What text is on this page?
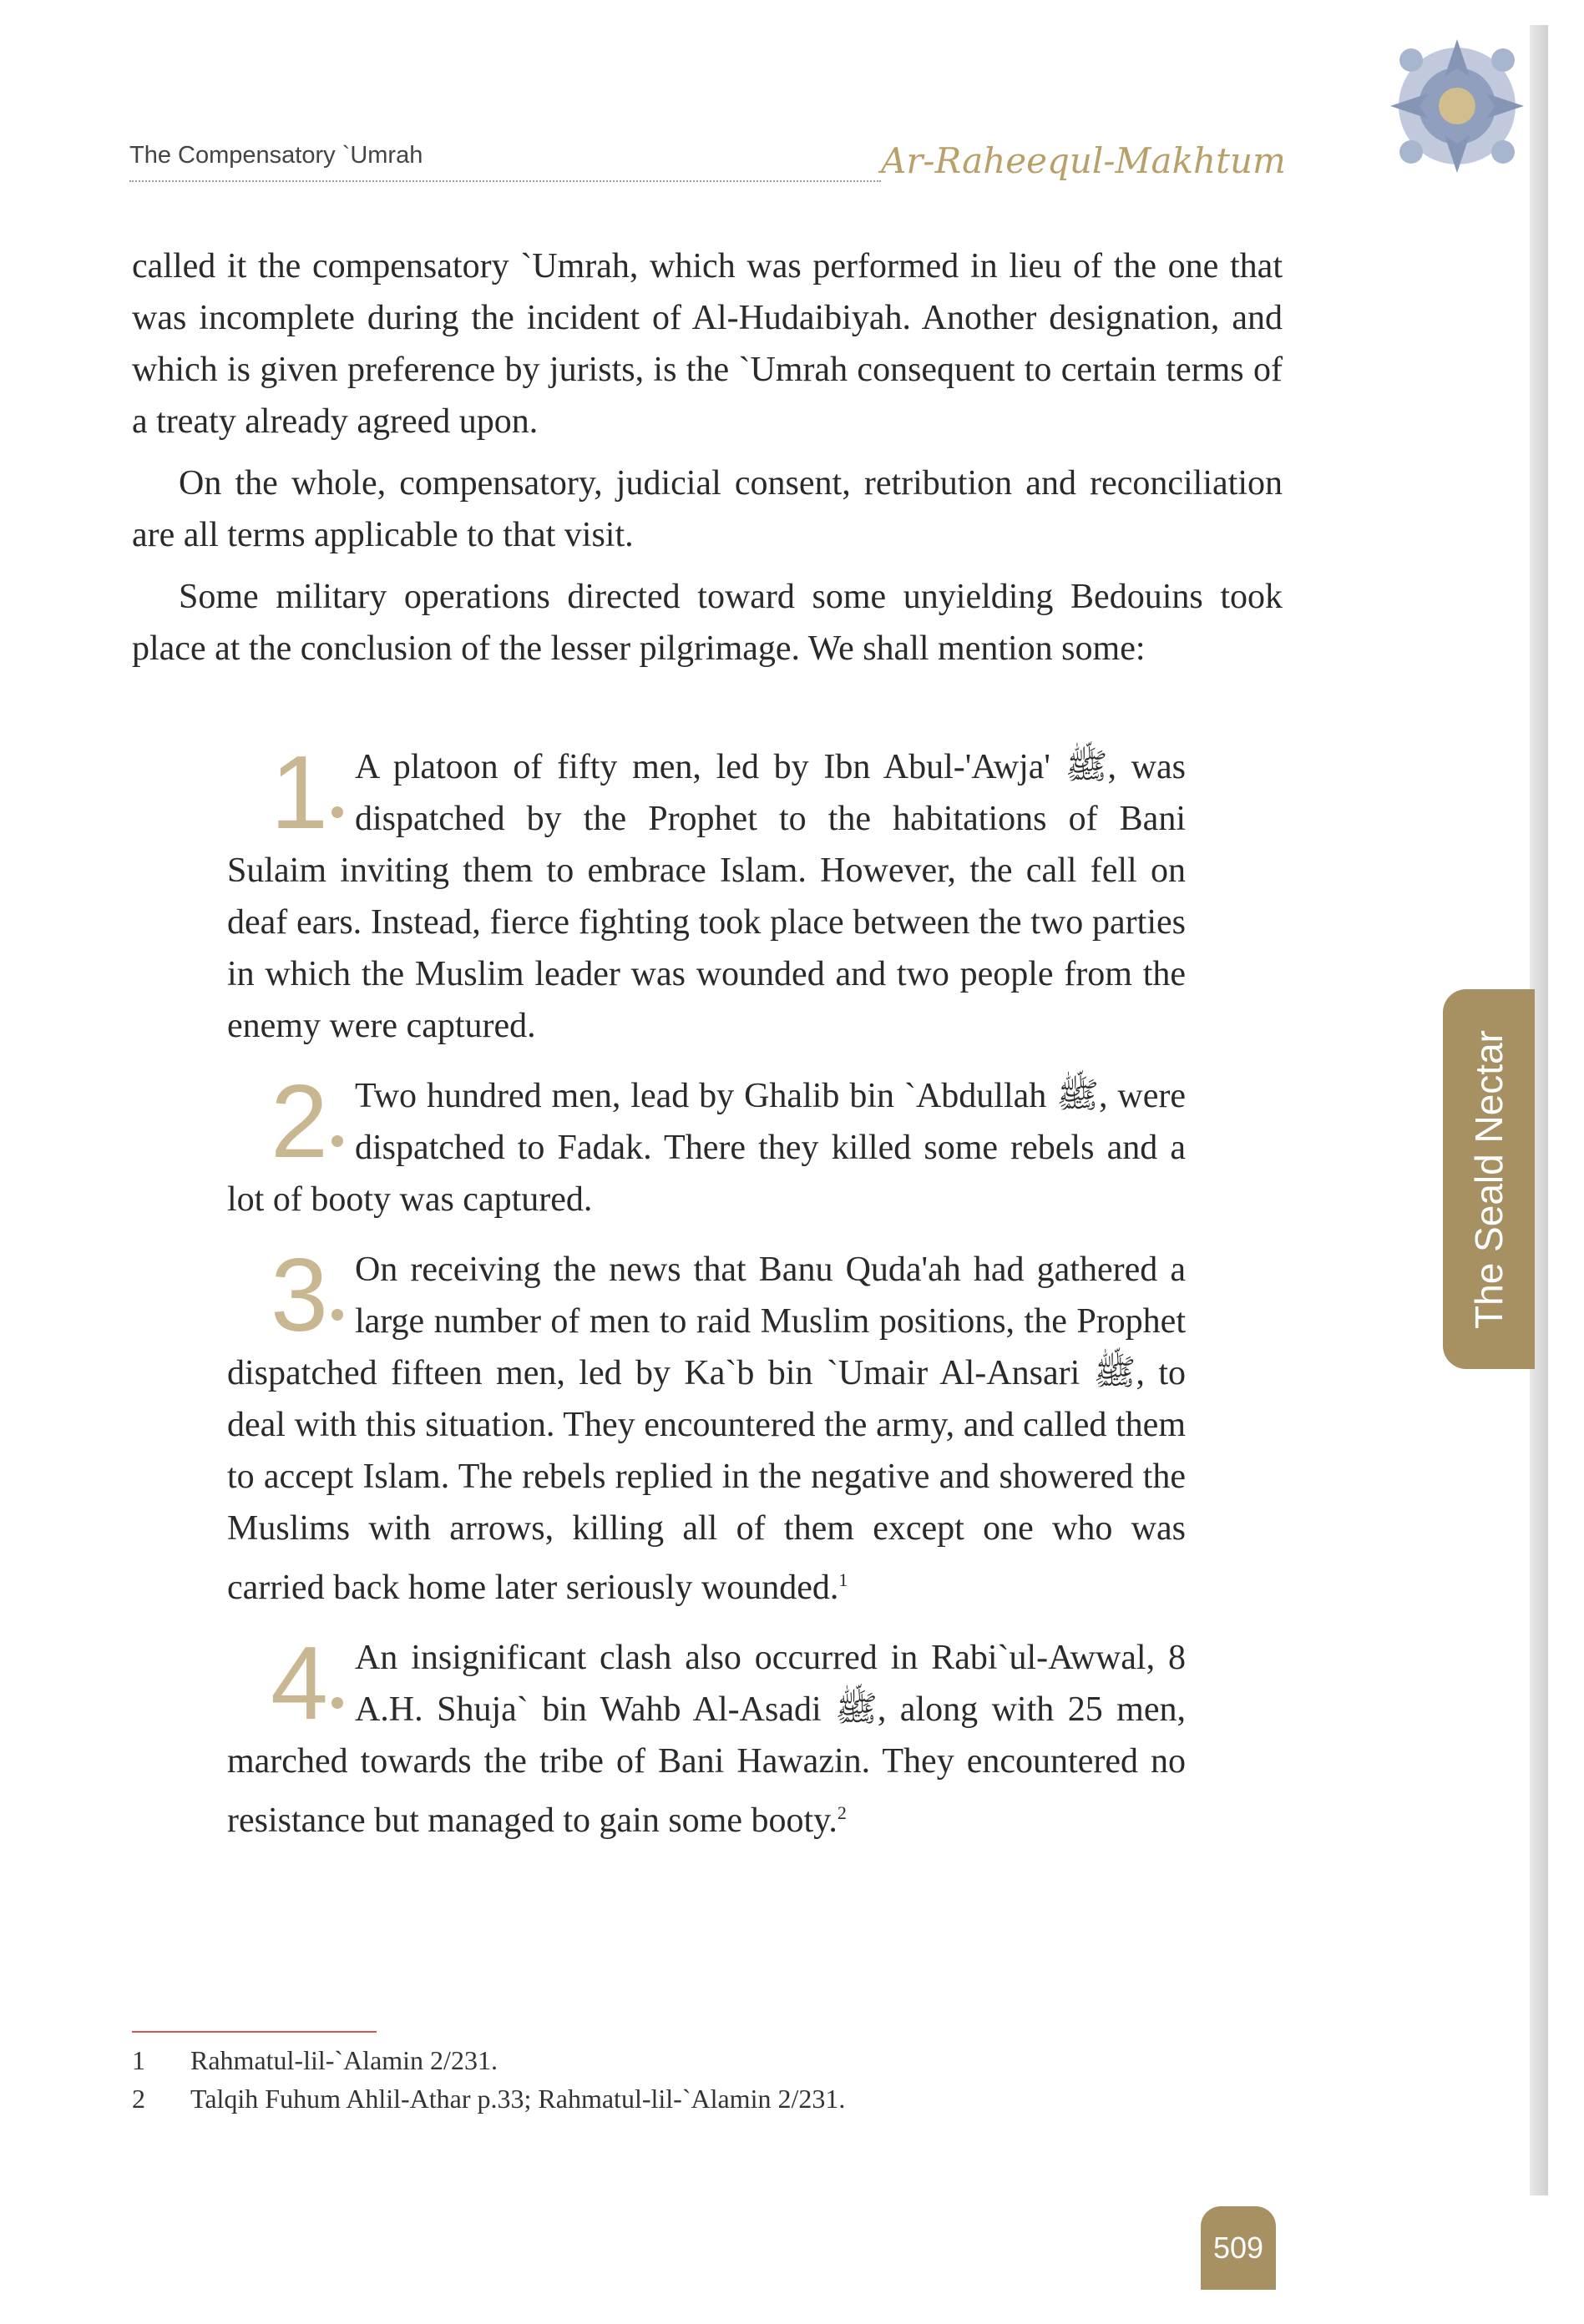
The Compensatory `Umrah	Ar-Raheequl-Makhtum
The Seald Nectar

called it the compensatory `Umrah, which was performed in lieu of the one that was incomplete during the incident of Al-Hudaibiyah. Another designation, and which is given preference by jurists, is the `Umrah consequent to certain terms of a treaty already agreed upon.

On the whole, compensatory, judicial consent, retribution and reconciliation are all terms applicable to that visit.

Some military operations directed toward some unyielding Bedouins took place at the conclusion of the lesser pilgrimage. We shall mention some:

1 A platoon of fifty men, led by Ibn Abul-'Awja' ﷺ, was dispatched by the Prophet to the habitations of Bani Sulaim inviting them to embrace Islam. However, the call fell on deaf ears. Instead, fierce fighting took place between the two parties in which the Muslim leader was wounded and two people from the enemy were captured.

2 Two hundred men, lead by Ghalib bin `Abdullah ﷺ, were dispatched to Fadak. There they killed some rebels and a lot of booty was captured.

3 On receiving the news that Banu Quda'ah had gathered a large number of men to raid Muslim positions, the Prophet dispatched fifteen men, led by Ka`b bin `Umair Al-Ansari ﷺ, to deal with this situation. They encountered the army, and called them to accept Islam. The rebels replied in the negative and showered the Muslims with arrows, killing all of them except one who was carried back home later seriously wounded.$^1$

4 An insignificant clash also occurred in Rabi`ul-Awwal, 8 A.H. Shuja` bin Wahb Al-Asadi ﷺ, along with 25 men, marched towards the tribe of Bani Hawazin. They encountered no resistance but managed to gain some booty.$^2$

1	Rahmatul-lil-`Alamin 2/231.
2	Talqih Fuhum Ahlil-Athar p.33; Rahmatul-lil-`Alamin 2/231.
509
